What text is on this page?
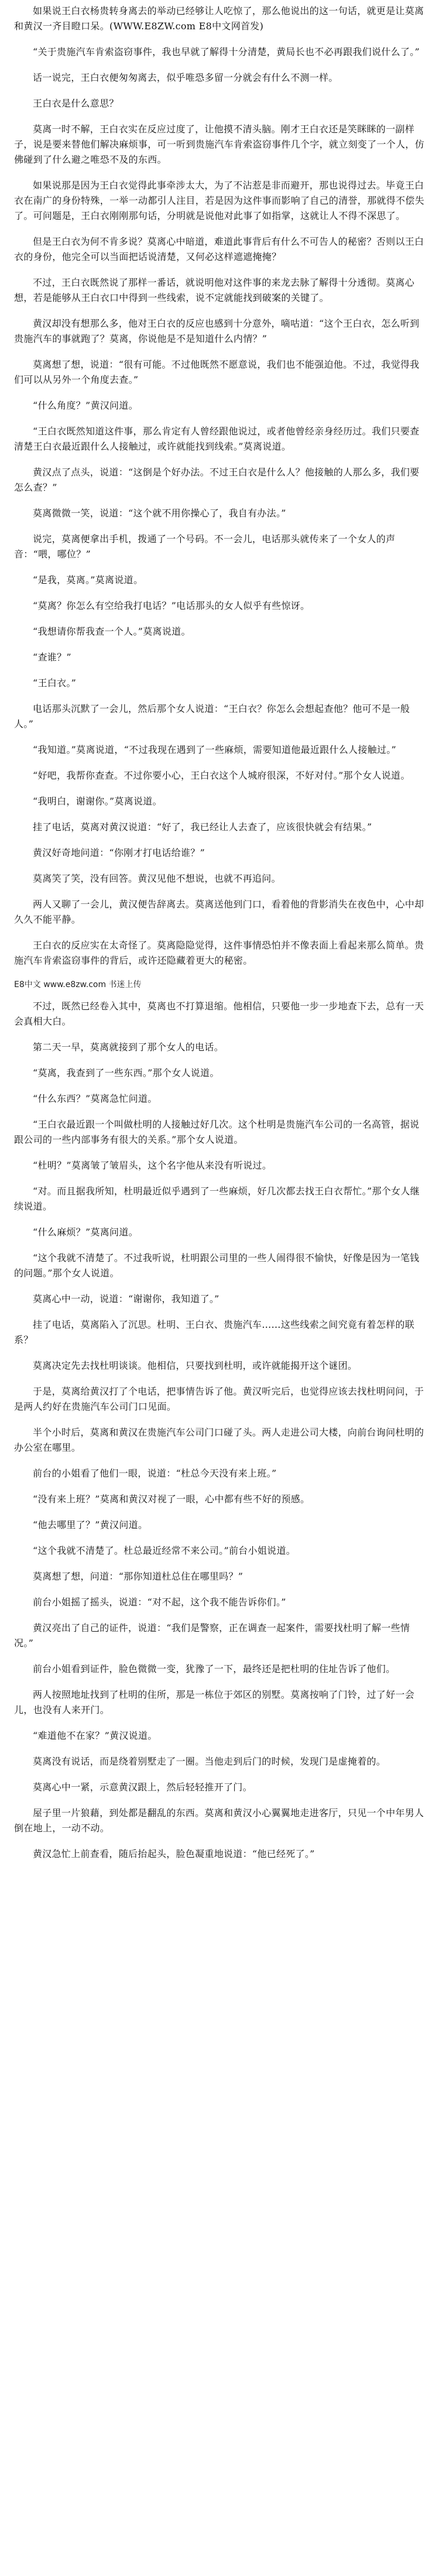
如果说王白衣杨贵转身离去的举动已经够让人吃惊了，那么他说出的这一句话，就更是让莫离和黄汉一齐目瞪口呆。(WWW.E8ZW.com E8中文网首发)

“关于贵施汽车肯索盗窃事件，我也早就了解得十分清楚，黄局长也不必再跟我们说什么了。”

话一说完，王白衣便匆匆离去，似乎唯恐多留一分就会有什么不测一样。

王白衣是什么意思？

莫离一时不解，王白衣实在反应过度了，让他摸不清头脑。刚才王白衣还是笑眯眯的一副样子，说是要来替他们解决麻烦事，可一听到贵施汽车肯索盗窃事件几个字，就立刻变了一个人，仿佛碰到了什么避之唯恐不及的东西。

如果说那是因为王白衣觉得此事牵涉太大，为了不沾惹是非而避开，那也说得过去。毕竟王白衣在南广的身份特殊，一举一动都引人注目，若是因为这件事而影响了自己的清誉，那就得不偿失了。可问题是，王白衣刚刚那句话，分明就是说他对此事了如指掌，这就让人不得不深思了。

但是王白衣为何不肯多说？莫离心中暗道，难道此事背后有什么不可告人的秘密？否则以王白衣的身份，他完全可以当面把话说清楚，又何必这样遮遮掩掩？

不过，王白衣既然说了那样一番话，就说明他对这件事的来龙去脉了解得十分透彻。莫离心想，若是能够从王白衣口中得到一些线索，说不定就能找到破案的关键了。

黄汉却没有想那么多，他对王白衣的反应也感到十分意外，嘀咕道：“这个王白衣，怎么听到贵施汽车的事就跑了？莫离，你说他是不是知道什么内情？”

莫离想了想，说道：“很有可能。不过他既然不愿意说，我们也不能强迫他。不过，我觉得我们可以从另外一个角度去查。”

“什么角度？”黄汉问道。

“王白衣既然知道这件事，那么肯定有人曾经跟他说过，或者他曾经亲身经历过。我们只要查清楚王白衣最近跟什么人接触过，或许就能找到线索。”莫离说道。

黄汉点了点头，说道：“这倒是个好办法。不过王白衣是什么人？他接触的人那么多，我们要怎么查？”

莫离微微一笑，说道：“这个就不用你操心了，我自有办法。”

说完，莫离便拿出手机，拨通了一个号码。不一会儿，电话那头就传来了一个女人的声音：“喂，哪位？”

“是我，莫离。”莫离说道。

“莫离？你怎么有空给我打电话？”电话那头的女人似乎有些惊讶。

“我想请你帮我查一个人。”莫离说道。

“查谁？”

“王白衣。”

电话那头沉默了一会儿，然后那个女人说道：“王白衣？你怎么会想起查他？他可不是一般人。”

“我知道。”莫离说道，“不过我现在遇到了一些麻烦，需要知道他最近跟什么人接触过。”

“好吧，我帮你查查。不过你要小心，王白衣这个人城府很深，不好对付。”那个女人说道。

“我明白，谢谢你。”莫离说道。

挂了电话，莫离对黄汉说道：“好了，我已经让人去查了，应该很快就会有结果。”

黄汉好奇地问道：“你刚才打电话给谁？”

莫离笑了笑，没有回答。黄汉见他不想说，也就不再追问。

两人又聊了一会儿，黄汉便告辞离去。莫离送他到门口，看着他的背影消失在夜色中，心中却久久不能平静。

王白衣的反应实在太奇怪了。莫离隐隐觉得，这件事情恐怕并不像表面上看起来那么简单。贵施汽车肯索盗窃事件的背后，或许还隐藏着更大的秘密。

E8中文 www.e8zw.com 书迷上传

不过，既然已经卷入其中，莫离也不打算退缩。他相信，只要他一步一步地查下去，总有一天会真相大白。

第二天一早，莫离就接到了那个女人的电话。

“莫离，我查到了一些东西。”那个女人说道。

“什么东西？”莫离急忙问道。

“王白衣最近跟一个叫做杜明的人接触过好几次。这个杜明是贵施汽车公司的一名高管，据说跟公司的一些内部事务有很大的关系。”那个女人说道。

“杜明？”莫离皱了皱眉头，这个名字他从来没有听说过。

“对。而且据我所知，杜明最近似乎遇到了一些麻烦，好几次都去找王白衣帮忙。”那个女人继续说道。

“什么麻烦？”莫离问道。

“这个我就不清楚了。不过我听说，杜明跟公司里的一些人闹得很不愉快，好像是因为一笔钱的问题。”那个女人说道。

莫离心中一动，说道：“谢谢你，我知道了。”

挂了电话，莫离陷入了沉思。杜明、王白衣、贵施汽车……这些线索之间究竟有着怎样的联系？

莫离决定先去找杜明谈谈。他相信，只要找到杜明，或许就能揭开这个谜团。

于是，莫离给黄汉打了个电话，把事情告诉了他。黄汉听完后，也觉得应该去找杜明问问，于是两人约好在贵施汽车公司门口见面。

半个小时后，莫离和黄汉在贵施汽车公司门口碰了头。两人走进公司大楼，向前台询问杜明的办公室在哪里。

前台的小姐看了他们一眼，说道：“杜总今天没有来上班。”

“没有来上班？”莫离和黄汉对视了一眼，心中都有些不好的预感。

“他去哪里了？”黄汉问道。

“这个我就不清楚了。杜总最近经常不来公司。”前台小姐说道。

莫离想了想，问道：“那你知道杜总住在哪里吗？”

前台小姐摇了摇头，说道：“对不起，这个我不能告诉你们。”

黄汉亮出了自己的证件，说道：“我们是警察，正在调查一起案件，需要找杜明了解一些情况。”

前台小姐看到证件，脸色微微一变，犹豫了一下，最终还是把杜明的住址告诉了他们。

两人按照地址找到了杜明的住所，那是一栋位于郊区的别墅。莫离按响了门铃，过了好一会儿，也没有人来开门。

“难道他不在家？”黄汉说道。

莫离没有说话，而是绕着别墅走了一圈。当他走到后门的时候，发现门是虚掩着的。

莫离心中一紧，示意黄汉跟上，然后轻轻推开了门。

屋子里一片狼藉，到处都是翻乱的东西。莫离和黄汉小心翼翼地走进客厅，只见一个中年男人倒在地上，一动不动。

黄汉急忙上前查看，随后抬起头，脸色凝重地说道：“他已经死了。”
